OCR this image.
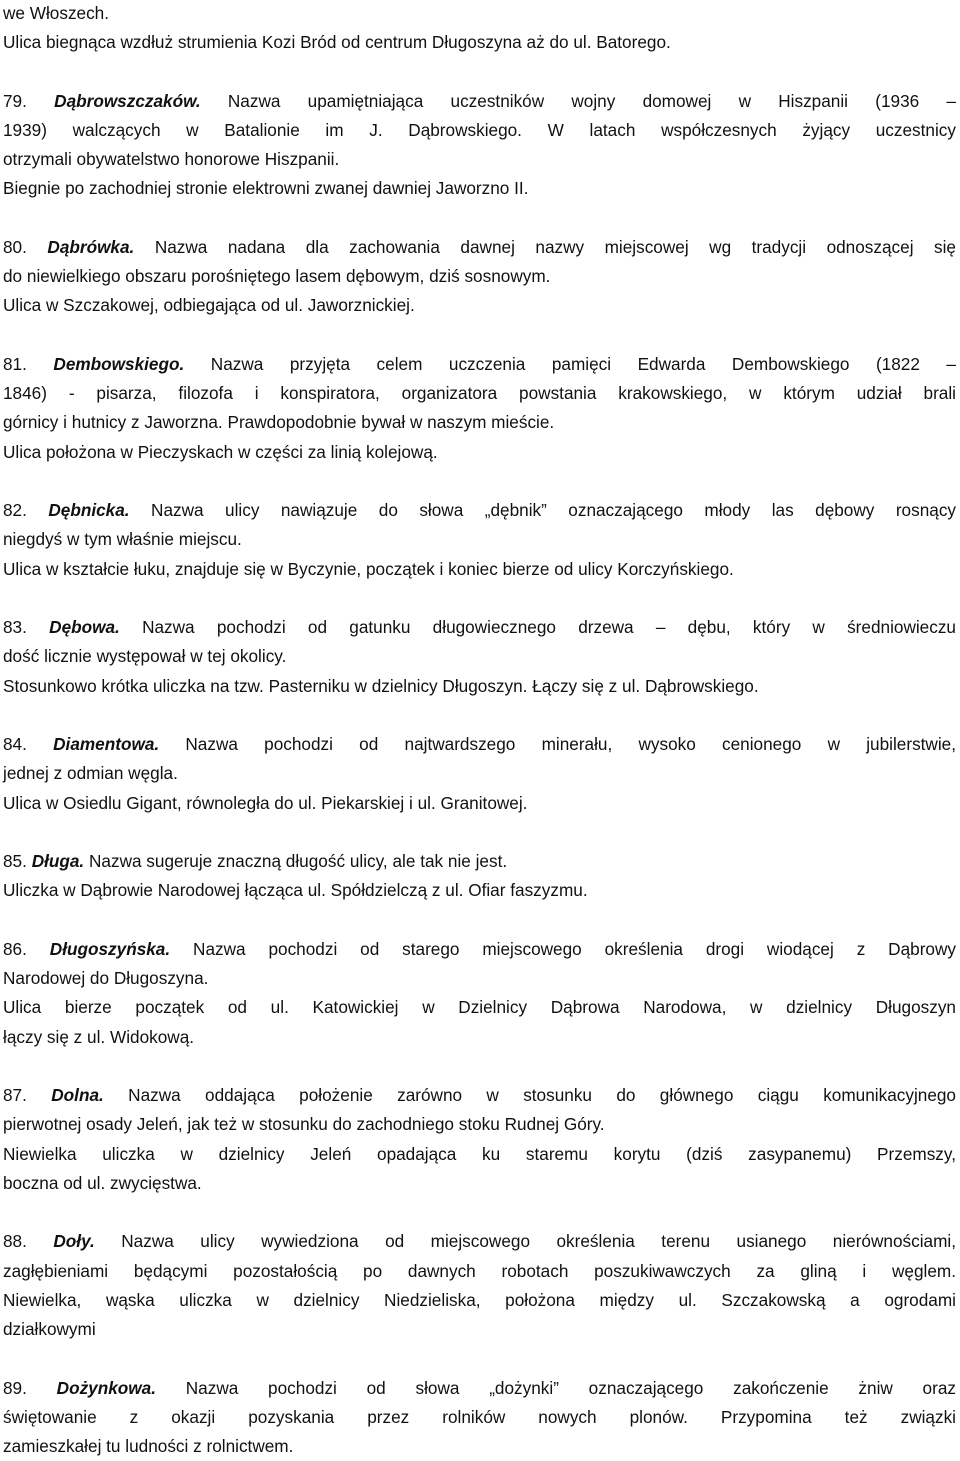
we Włoszech.
Ulica biegnąca wzdłuż strumienia Kozi Bród od centrum Długoszyna aż do ul. Batorego.
79. Dąbrowszczaków. Nazwa upamiętniająca uczestników wojny domowej w Hiszpanii (1936 –
1939) walczących w Batalionie im J. Dąbrowskiego. W latach współczesnych żyjący uczestnicy
otrzymali obywatelstwo honorowe Hiszpanii.
Biegnie po zachodniej stronie elektrowni zwanej dawniej Jaworzno II.
80. Dąbrówka. Nazwa nadana dla zachowania dawnej nazwy miejscowej wg tradycji odnoszącej się
do niewielkiego obszaru porośniętego lasem dębowym, dziś sosnowym.
Ulica w Szczakowej, odbiegająca od ul. Jaworznickiej.
81. Dembowskiego. Nazwa przyjęta celem uczczenia pamięci Edwarda Dembowskiego (1822 –
1846) - pisarza, filozofa i konspiratora, organizatora powstania krakowskiego, w którym udział brali
górnicy i hutnicy z Jaworzna. Prawdopodobnie bywał w naszym mieście.
Ulica położona w Pieczyskach w części za linią kolejową.
82. Dębnicka. Nazwa ulicy nawiązuje do słowa „dębnik” oznaczającego młody las dębowy rosnący
niegdyś w tym właśnie miejscu.
Ulica w kształcie łuku, znajduje się w Byczynie, początek i koniec bierze od ulicy Korczyńskiego.
83. Dębowa. Nazwa pochodzi od gatunku długowiecznego drzewa – dębu, który w średniowieczu
dość licznie występował w tej okolicy.
Stosunkowo krótka uliczka na tzw. Pasterniku w dzielnicy Długoszyn. Łączy się z ul. Dąbrowskiego.
84. Diamentowa. Nazwa pochodzi od najtwardszego minerału, wysoko cenionego w jubilerstwie,
jednej z odmian węgla.
Ulica w Osiedlu Gigant, równoległa do ul. Piekarskiej i ul. Granitowej.
85. Długa. Nazwa sugeruje znaczną długość ulicy, ale tak nie jest.
Uliczka w Dąbrowie Narodowej łącząca ul. Spółdzielczą z ul. Ofiar faszyzmu.
86. Długoszyńska. Nazwa pochodzi od starego miejscowego określenia drogi wiodącej z Dąbrowy
Narodowej do Długoszyna.
Ulica bierze początek od ul. Katowickiej w Dzielnicy Dąbrowa Narodowa, w dzielnicy Długoszyn
łączy się z ul. Widokową.
87. Dolna. Nazwa oddająca położenie zarówno w stosunku do głównego ciągu komunikacyjnego
pierwotnej osady Jeleń, jak też w stosunku do zachodniego stoku Rudnej Góry.
Niewielka uliczka w dzielnicy Jeleń opadająca ku staremu korytu (dziś zasypanemu) Przemszy,
boczna od ul. zwycięstwa.
88. Doły. Nazwa ulicy wywiedziona od miejscowego określenia terenu usianego nierównościami,
zagłębieniami będącymi pozostałością po dawnych robotach poszukiwawczych za gliną i węglem.
Niewielka, wąska uliczka w dzielnicy Niedzieliska, położona między ul. Szczakowską a ogrodami
działkowymi
89. Dożynkowa. Nazwa pochodzi od słowa „dożynki” oznaczającego zakończenie żniw oraz
świętowanie z okazji pozyskania przez rolników nowych plonów. Przypomina też związki
zamieszkałej tu ludności z rolnictwem.
